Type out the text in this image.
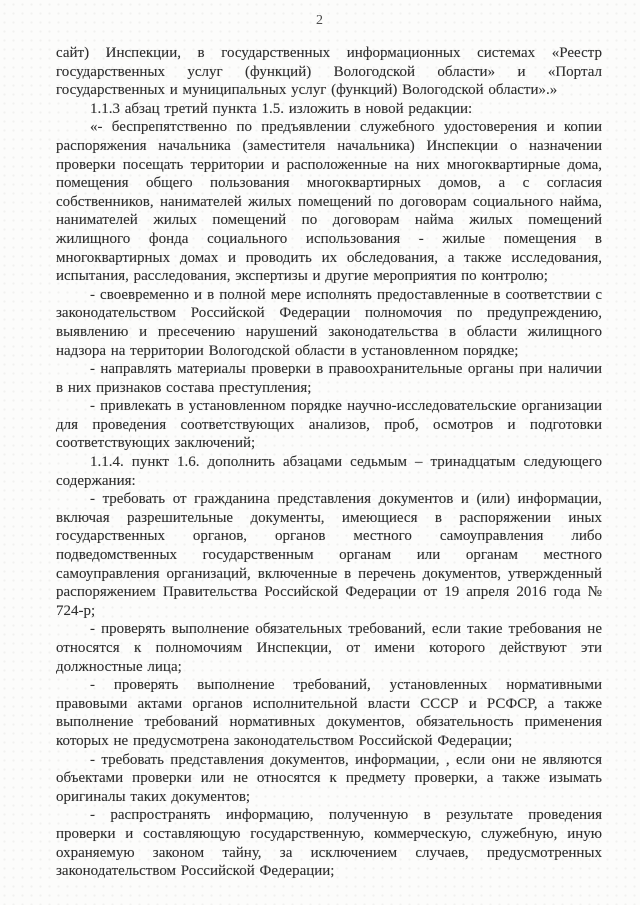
2

сайт) Инспекции, в государственных информационных системах «Реестр государственных услуг (функций) Вологодской области» и «Портал государственных и муниципальных услуг (функций) Вологодской области».»

1.1.3 абзац третий пункта 1.5. изложить в новой редакции:

«- беспрепятственно по предъявлении служебного удостоверения и копии распоряжения начальника (заместителя начальника) Инспекции о назначении проверки посещать территории и расположенные на них многоквартирные дома, помещения общего пользования многоквартирных домов, а с согласия собственников, нанимателей жилых помещений по договорам социального найма, нанимателей жилых помещений по договорам найма жилых помещений жилищного фонда социального использования - жилые помещения в многоквартирных домах и проводить их обследования, а также исследования, испытания, расследования, экспертизы и другие мероприятия по контролю;

- своевременно и в полной мере исполнять предоставленные в соответствии с законодательством Российской Федерации полномочия по предупреждению, выявлению и пресечению нарушений законодательства в области жилищного надзора на территории Вологодской области в установленном порядке;

- направлять материалы проверки в правоохранительные органы при наличии в них признаков состава преступления;

- привлекать в установленном порядке научно-исследовательские организации для проведения соответствующих анализов, проб, осмотров и подготовки соответствующих заключений;

1.1.4. пункт 1.6. дополнить абзацами седьмым – тринадцатым следующего содержания:

- требовать от гражданина представления документов и (или) информации, включая разрешительные документы, имеющиеся в распоряжении иных государственных органов, органов местного самоуправления либо подведомственных государственным органам или органам местного самоуправления организаций, включенные в перечень документов, утвержденный распоряжением Правительства Российской Федерации от 19 апреля 2016 года № 724-р;

- проверять выполнение обязательных требований, если такие требования не относятся к полномочиям Инспекции, от имени которого действуют эти должностные лица;

- проверять выполнение требований, установленных нормативными правовыми актами органов исполнительной власти СССР и РСФСР, а также выполнение требований нормативных документов, обязательность применения которых не предусмотрена законодательством Российской Федерации;

- требовать представления документов, информации, , если они не являются объектами проверки или не относятся к предмету проверки, а также изымать оригиналы таких документов;

- распространять информацию, полученную в результате проведения проверки и составляющую государственную, коммерческую, служебную, иную охраняемую законом тайну, за исключением случаев, предусмотренных законодательством Российской Федерации;
